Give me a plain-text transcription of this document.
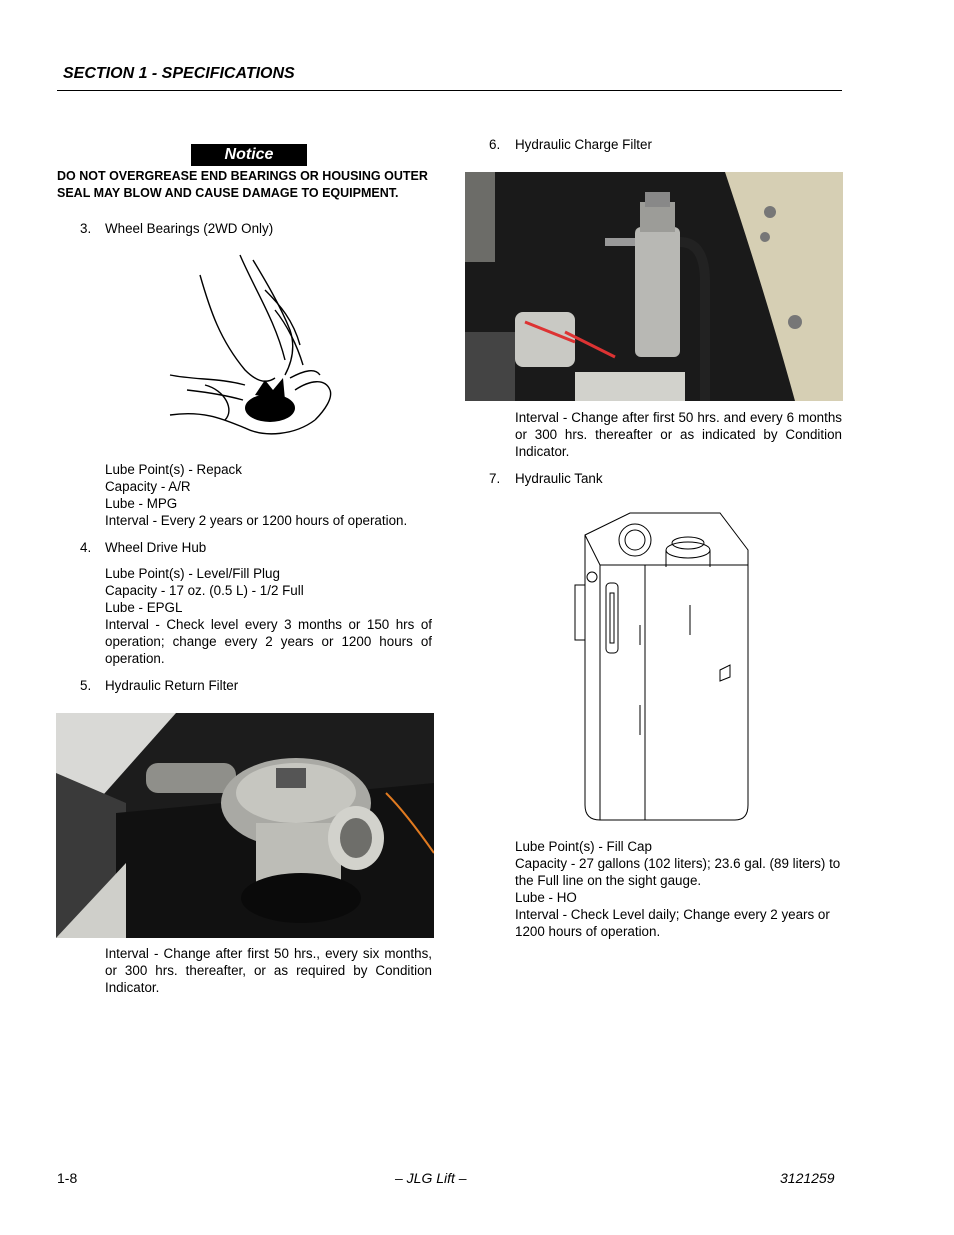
SECTION 1 - SPECIFICATIONS
Notice
DO NOT OVERGREASE END BEARINGS OR HOUSING OUTER SEAL MAY BLOW AND CAUSE DAMAGE TO EQUIPMENT.
3.	Wheel Bearings (2WD Only)
Lube Point(s) - Repack
Capacity - A/R
Lube - MPG
Interval - Every 2 years or 1200 hours of operation.
4.	Wheel Drive Hub
Lube Point(s) - Level/Fill Plug
Capacity - 17 oz. (0.5 L) - 1/2 Full
Lube - EPGL
Interval - Check level every 3 months or 150 hrs of operation; change every 2 years or 1200 hours of operation.
5.	Hydraulic Return Filter
Interval - Change after first 50 hrs., every six months, or 300 hrs. thereafter, or as required by Condition Indicator.
6.	Hydraulic Charge Filter
Interval - Change after first 50 hrs. and every 6 months or 300 hrs. thereafter or as indicated by Condition Indicator.
7.	Hydraulic Tank
Lube Point(s) - Fill Cap
Capacity - 27 gallons (102 liters); 23.6 gal. (89 liters) to the Full line on the sight gauge.
Lube - HO
Interval - Check Level daily; Change every 2 years or 1200 hours of operation.
1-8	– JLG Lift –	3121259
